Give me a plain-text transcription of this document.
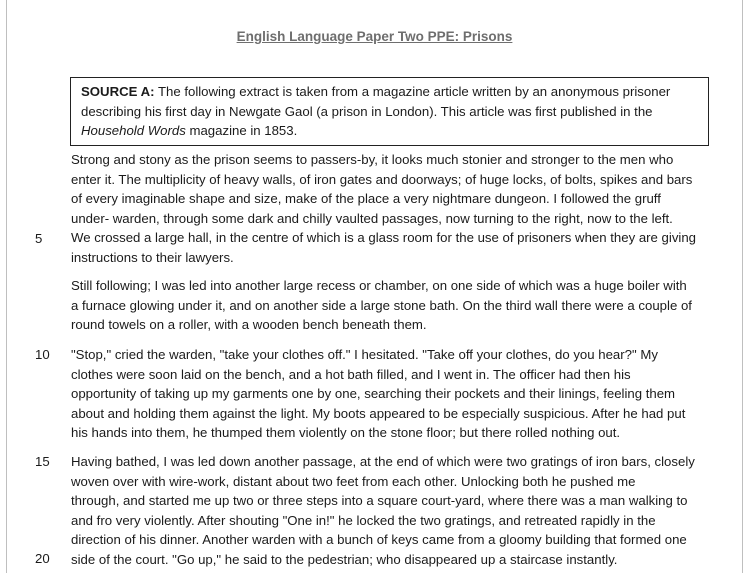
English Language Paper Two PPE: Prisons
SOURCE A: The following extract is taken from a magazine article written by an anonymous prisoner
describing his first day in Newgate Gaol (a prison in London). This article was first published in the
Household Words magazine in 1853.
5
10
15
20
Strong and stony as the prison seems to passers-by, it looks much stonier and stronger to the men who
enter it. The multiplicity of heavy walls, of iron gates and doorways; of huge locks, of bolts, spikes and bars
of every imaginable shape and size, make of the place a very nightmare dungeon. I followed the gruff
under- warden, through some dark and chilly vaulted passages, now turning to the right, now to the left.
We crossed a large hall, in the centre of which is a glass room for the use of prisoners when they are giving
instructions to their lawyers.
Still following; I was led into another large recess or chamber, on one side of which was a huge boiler with
a furnace glowing under it, and on another side a large stone bath. On the third wall there were a couple of
round towels on a roller, with a wooden bench beneath them.
"Stop," cried the warden, "take your clothes off." I hesitated. "Take off your clothes, do you hear?" My
clothes were soon laid on the bench, and a hot bath filled, and I went in. The officer had then his
opportunity of taking up my garments one by one, searching their pockets and their linings, feeling them
about and holding them against the light. My boots appeared to be especially suspicious. After he had put
his hands into them, he thumped them violently on the stone floor; but there rolled nothing out.
Having bathed, I was led down another passage, at the end of which were two gratings of iron bars, closely
woven over with wire-work, distant about two feet from each other. Unlocking both he pushed me
through, and started me up two or three steps into a square court-yard, where there was a man walking to
and fro very violently. After shouting "One in!" he locked the two gratings, and retreated rapidly in the
direction of his dinner. Another warden with a bunch of keys came from a gloomy building that formed one
side of the court. "Go up," he said to the pedestrian; who disappeared up a staircase instantly.
